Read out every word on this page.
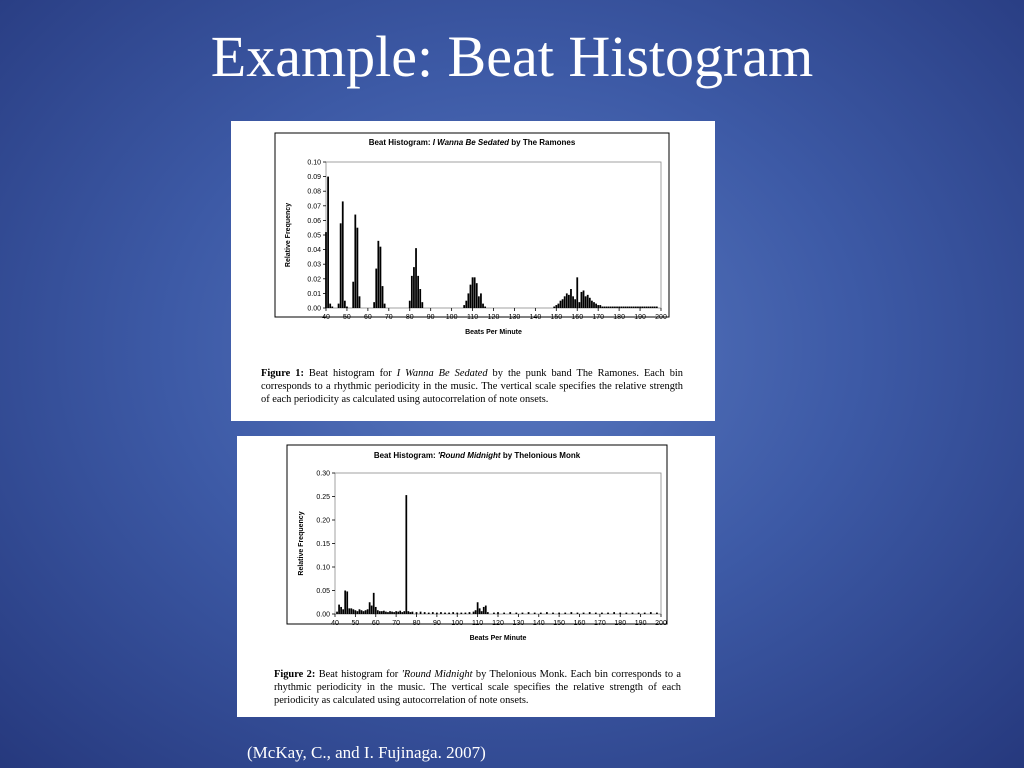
Example: Beat Histogram
Beat Histogram: I Wanna Be Sedated by The Ramones
0.00
0.01
0.02
0.03
0.04
0.05
0.06
0.07
0.08
0.09
0.10
40 50 60 70 80 90 100 110 120 130 140 150 160 170 180 190 200
Beats Per Minute
Relative Frequency

Figure 1: Beat histogram for I Wanna Be Sedated by the punk band The Ramones. Each bin corresponds to a rhythmic periodicity in the music. The vertical scale specifies the relative strength of each periodicity as calculated using autocorrelation of note onsets.

Beat Histogram: 'Round Midnight by Thelonious Monk
0.00
0.05
0.10
0.15
0.20
0.25
0.30
40 50 60 70 80 90 100 110 120 130 140 150 160 170 180 190 200
Beats Per Minute
Relative Frequency

Figure 2: Beat histogram for 'Round Midnight by Thelonious Monk. Each bin corresponds to a rhythmic periodicity in the music. The vertical scale specifies the relative strength of each periodicity as calculated using autocorrelation of note onsets.

(McKay, C., and I. Fujinaga. 2007)
